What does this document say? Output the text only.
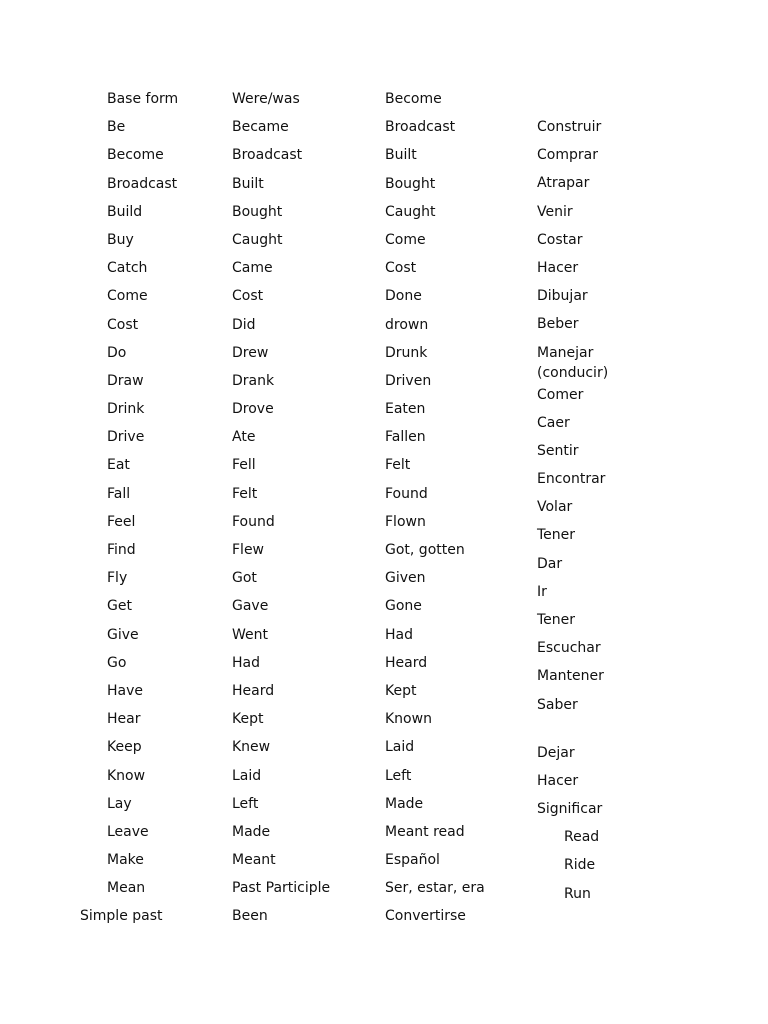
Base form
Be
Become
Broadcast
Build
Buy
Catch
Come
Cost
Do
Draw
Drink
Drive
Eat
Fall
Feel
Find
Fly
Get
Give
Go
Have
Hear
Keep
Know
Lay
Leave
Make
Mean
Simple past
Were/was
Became
Broadcast
Built
Bought
Caught
Came
Cost
Did
Drew
Drank
Drove
Ate
Fell
Felt
Found
Flew
Got
Gave
Went
Had
Heard
Kept
Knew
Laid
Left
Made
Meant
Past Participle
Been
Become
Broadcast
Built
Bought
Caught
Come
Cost
Done
drown
Drunk
Driven
Eaten
Fallen
Felt
Found
Flown
Got, gotten
Given
Gone
Had
Heard
Kept
Known
Laid
Left
Made
Meant read
Español
Ser, estar, era
Convertirse
Construir
Comprar
Atrapar
Venir
Costar
Hacer
Dibujar
Beber
Manejar (conducir)
Comer
Caer
Sentir
Encontrar
Volar
Tener
Dar
Ir
Tener
Escuchar
Mantener
Saber
Dejar
Hacer
Significar
Read
Ride
Run
